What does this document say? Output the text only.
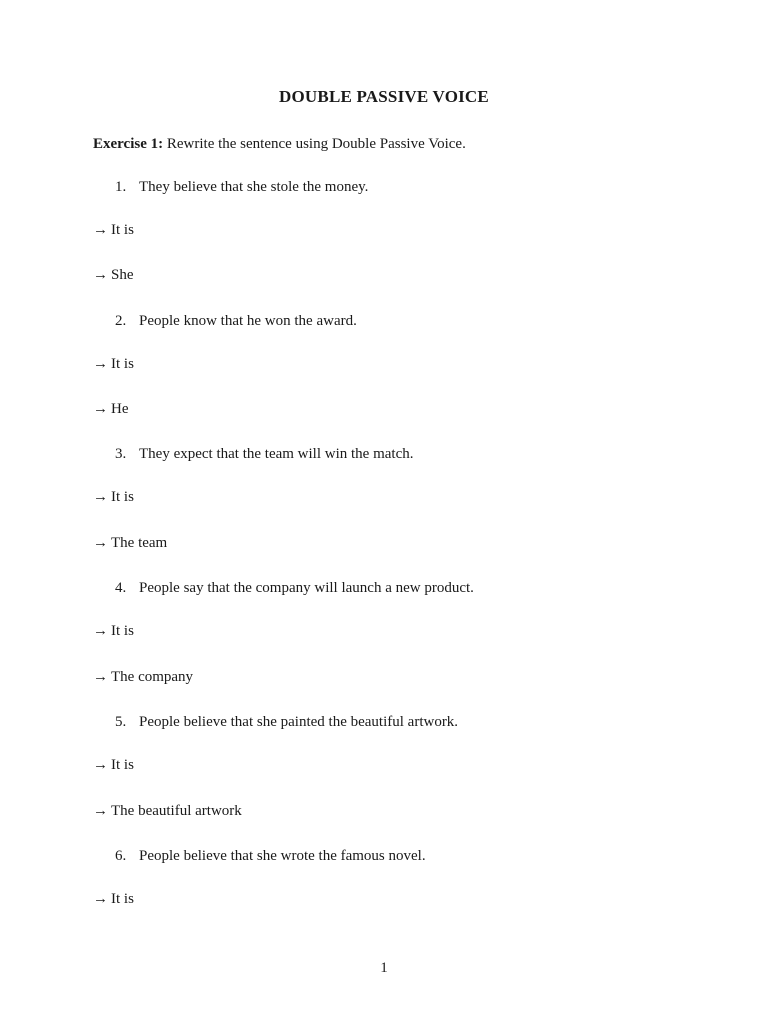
DOUBLE PASSIVE VOICE
Exercise 1: Rewrite the sentence using Double Passive Voice.
1. They believe that she stole the money.
→ It is
→ She
2. People know that he won the award.
→ It is
→ He
3. They expect that the team will win the match.
→ It is
→ The team
4. People say that the company will launch a new product.
→ It is
→ The company
5. People believe that she painted the beautiful artwork.
→ It is
→ The beautiful artwork
6. People believe that she wrote the famous novel.
→ It is
1
